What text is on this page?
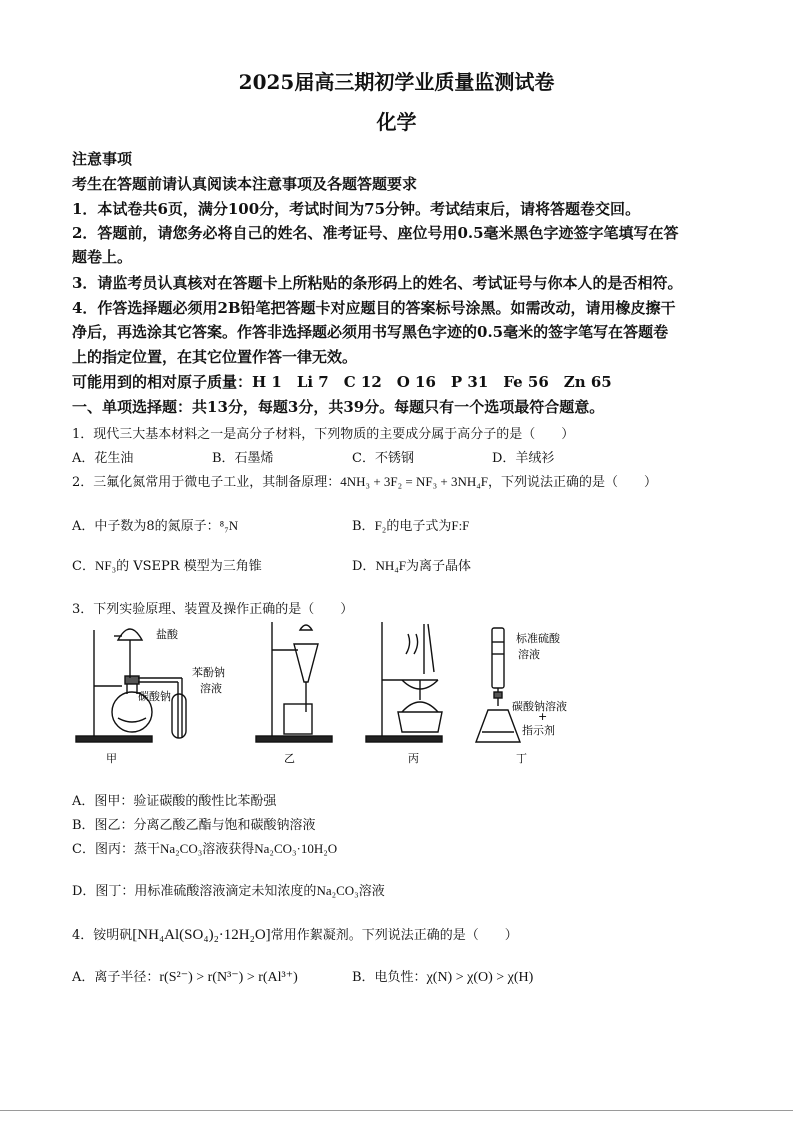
2025届高三期初学业质量监测试卷
化学
注意事项
考生在答题前请认真阅读本注意事项及各题答题要求
1．本试卷共6页，满分100分，考试时间为75分钟。考试结束后，请将答题卷交回。
2．答题前，请您务必将自己的姓名、准考证号、座位号用0.5毫米黑色字迹签字笔填写在答
题卷上。
3．请监考员认真核对在答题卡上所粘贴的条形码上的姓名、考试证号与你本人的是否相符。
4．作答选择题必须用2B铅笔把答题卡对应题目的答案标号涂黑。如需改动，请用橡皮擦干
净后，再选涂其它答案。作答非选择题必须用书写黑色字迹的0.5毫米的签字笔写在答题卷
上的指定位置，在其它位置作答一律无效。
可能用到的相对原子质量：H 1　Li 7　C 12　O 16　P 31　Fe 56　Zn 65
一、单项选择题：共13分，每题3分，共39分。每题只有一个选项最符合题意。
1．现代三大基本材料之一是高分子材料，下列物质的主要成分属于高分子的是（　　）
A．花生油	B．石墨烯	C．不锈钢	D．羊绒衫
2．三氟化氮常用于微电子工业，其制备原理：4NH₃ + 3F₂ = NF₃ + 3NH₄F，下列说法正确的是（　　）
A．中子数为8的氮原子：⁸₇N	B．F₂的电子式为F:F
C．NF₃的 VSEPR 模型为三角锥	D．NH₄F为离子晶体
3．下列实验原理、装置及操作正确的是（　　）
盐酸
苯酚钠
溶液
碳酸钠
标准硫酸
溶液
碳酸钠溶液
+
指示剂
甲	乙	丙	丁
A．图甲：验证碳酸的酸性比苯酚强
B．图乙：分离乙酸乙酯与饱和碳酸钠溶液
C．图丙：蒸干Na₂CO₃溶液获得Na₂CO₃·10H₂O
D．图丁：用标准硫酸溶液滴定未知浓度的Na₂CO₃溶液
4．铵明矾[NH₄Al(SO₄)₂·12H₂O]常用作絮凝剂。下列说法正确的是（　　）
A．离子半径：r(S²⁻) > r(N³⁻) > r(Al³⁺)	B．电负性：χ(N) > χ(O) > χ(H)
